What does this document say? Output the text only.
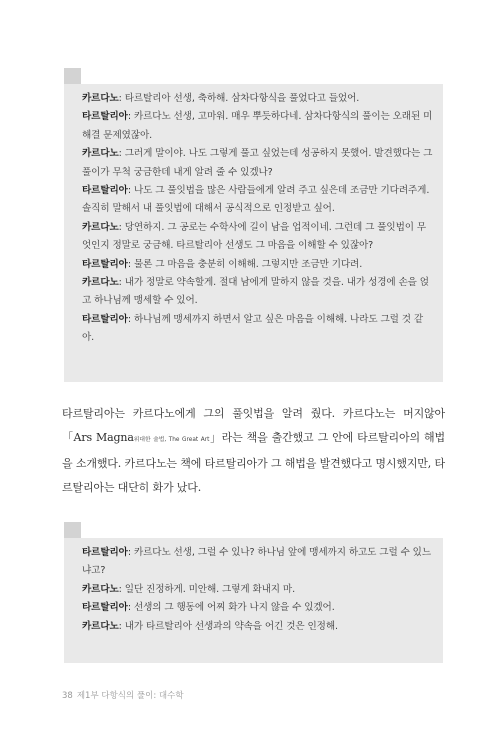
카르다노: 타르탈리아 선생, 축하해. 삼차다항식을 풀었다고 들었어.
타르탈리아: 카르다노 선생, 고마워. 매우 뿌듯하다네. 삼차다항식의 풀이는 오래된 미해결 문제였잖아.
카르다노: 그러게 말이야. 나도 그렇게 풀고 싶었는데 성공하지 못했어. 발견했다는 그 풀이가 무척 궁금한데 내게 알려 줄 수 있겠나?
타르탈리아: 나도 그 풀잇법을 많은 사람들에게 알려 주고 싶은데 조금만 기다려주게. 솔직히 말해서 내 풀잇법에 대해서 공식적으로 인정받고 싶어.
카르다노: 당연하지. 그 공로는 수학사에 길이 남을 업적이네. 그런데 그 풀잇법이 무엇인지 정말로 궁금해. 타르탈리아 선생도 그 마음을 이해할 수 있잖아?
타르탈리아: 물론 그 마음을 충분히 이해해. 그렇지만 조금만 기다려.
카르다노: 내가 정말로 약속할게. 절대 남에게 말하지 않을 것을. 내가 성경에 손을 얹고 하나님께 맹세할 수 있어.
타르탈리아: 하나님께 맹세까지 하면서 알고 싶은 마음을 이해해. 나라도 그럴 것 같아.

타르탈리아는 카르다노에게 그의 풀잇법을 알려 줬다. 카르다노는 머지않아 「Ars Magna위대한 술법, The Great Art」라는 책을 출간했고 그 안에 타르탈리아의 해법을 소개했다. 카르다노는 책에 타르탈리아가 그 해법을 발견했다고 명시했지만, 타르탈리아는 대단히 화가 났다.

타르탈리아: 카르다노 선생, 그럴 수 있나? 하나님 앞에 맹세까지 하고도 그럴 수 있느냐고?
카르다노: 일단 진정하게. 미안해. 그렇게 화내지 마.
타르탈리아: 선생의 그 행동에 어찌 화가 나지 않을 수 있겠어.
카르다노: 내가 타르탈리아 선생과의 약속을 어긴 것은 인정해.
38 제1부 다항식의 풀이: 대수학
